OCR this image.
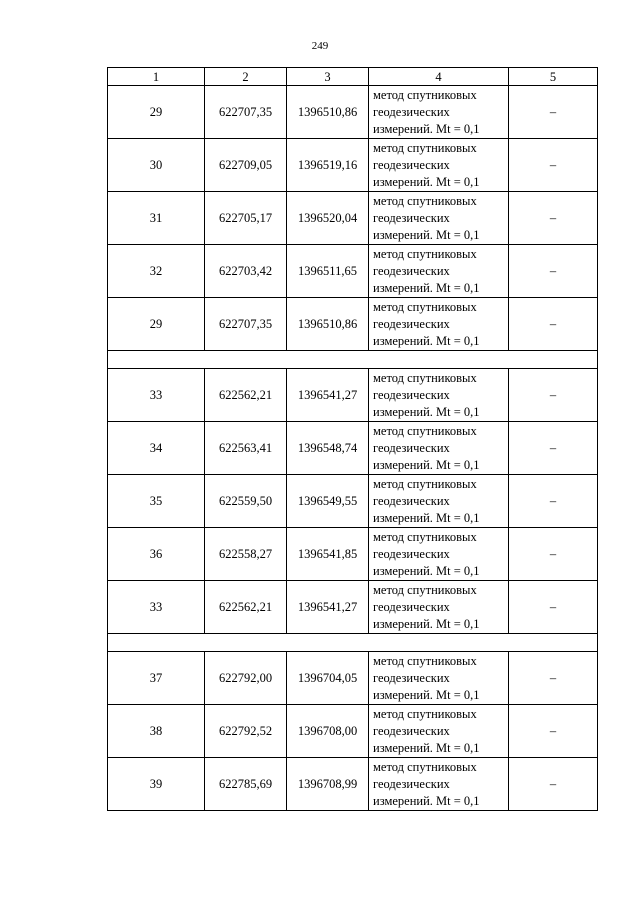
249
1	2	3	4	5
29	622707,35	1396510,86	метод спутниковых
геодезических
измерений. Mt = 0,1	–
30	622709,05	1396519,16	метод спутниковых
геодезических
измерений. Mt = 0,1	–
31	622705,17	1396520,04	метод спутниковых
геодезических
измерений. Mt = 0,1	–
32	622703,42	1396511,65	метод спутниковых
геодезических
измерений. Mt = 0,1	–
29	622707,35	1396510,86	метод спутниковых
геодезических
измерений. Mt = 0,1	–

33	622562,21	1396541,27	метод спутниковых
геодезических
измерений. Mt = 0,1	–
34	622563,41	1396548,74	метод спутниковых
геодезических
измерений. Mt = 0,1	–
35	622559,50	1396549,55	метод спутниковых
геодезических
измерений. Mt = 0,1	–
36	622558,27	1396541,85	метод спутниковых
геодезических
измерений. Mt = 0,1	–
33	622562,21	1396541,27	метод спутниковых
геодезических
измерений. Mt = 0,1	–

37	622792,00	1396704,05	метод спутниковых
геодезических
измерений. Mt = 0,1	–
38	622792,52	1396708,00	метод спутниковых
геодезических
измерений. Mt = 0,1	–
39	622785,69	1396708,99	метод спутниковых
геодезических
измерений. Mt = 0,1	–
